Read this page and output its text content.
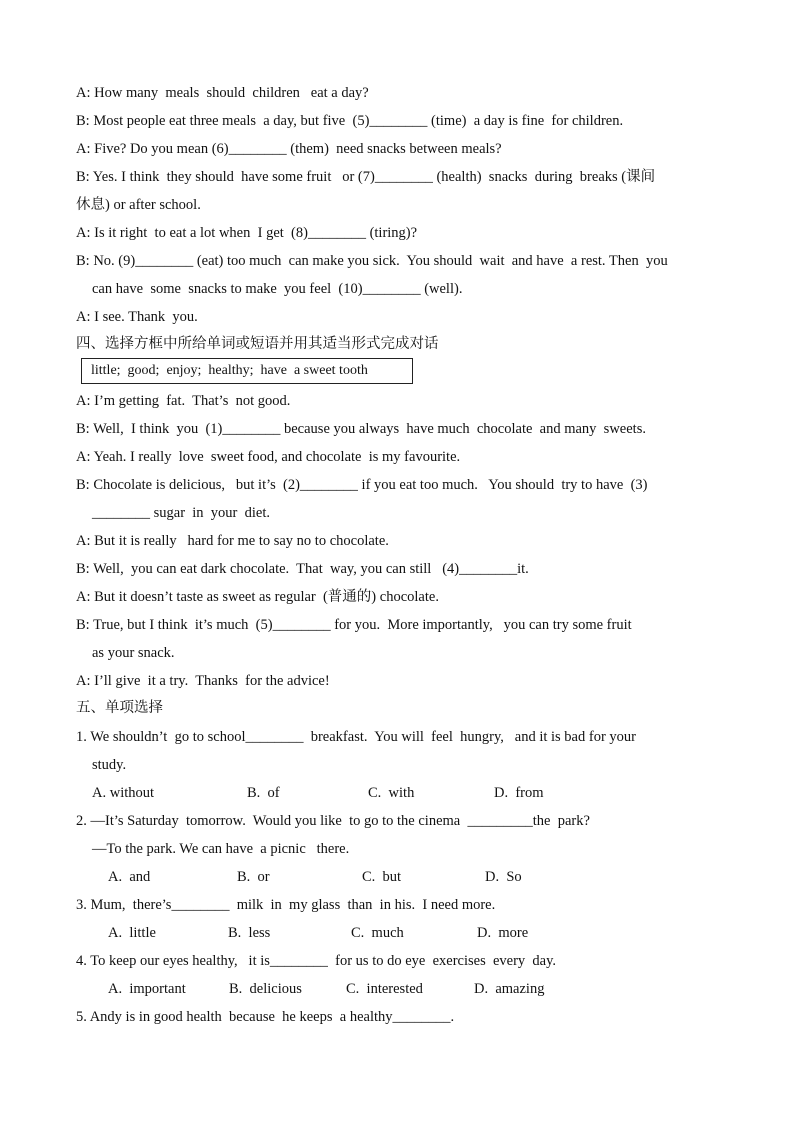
A: How many  meals  should  children   eat a day?
B: Most people eat three meals  a day, but five  (5)________ (time)  a day is fine  for children.
A: Five? Do you mean (6)________ (them)  need snacks between meals?
B: Yes. I think  they should  have some fruit   or (7)________ (health)  snacks  during  breaks (课间
休息) or after school.
A: Is it right  to eat a lot when  I get  (8)________ (tiring)?
B: No. (9)________ (eat) too much  can make you sick.  You should  wait  and have  a rest. Then  you
can have  some  snacks to make  you feel  (10)________ (well).
A: I see. Thank  you.
四、选择方框中所给单词或短语并用其适当形式完成对话
little;  good;  enjoy;  healthy;  have  a sweet tooth
A: I’m getting  fat.  That’s  not good.
B: Well,  I think  you  (1)________ because you always  have much  chocolate  and many  sweets.
A: Yeah. I really  love  sweet food, and chocolate  is my favourite.
B: Chocolate is delicious,   but it’s  (2)________ if you eat too much.   You should  try to have  (3)
________ sugar  in  your  diet.
A: But it is really   hard for me to say no to chocolate.
B: Well,  you can eat dark chocolate.  That  way, you can still   (4)________it.
A: But it doesn’t taste as sweet as regular  (普通的) chocolate.
B: True, but I think  it’s much  (5)________ for you.  More importantly,   you can try some fruit
as your snack.
A: I’ll give  it a try.  Thanks  for the advice!
五、单项选择
1. We shouldn’t  go to school________  breakfast.  You will  feel  hungry,   and it is bad for your
study.
A. without	B.  of	C.  with	D.  from
2. —It’s Saturday  tomorrow.  Would you like  to go to the cinema  _________the  park?
—To the park. We can have  a picnic   there.
A.  and	B.  or	C.  but	D.  So
3. Mum,  there’s________  milk  in  my glass  than  in his.  I need more.
A.  little	B.  less	C.  much	D.  more
4. To keep our eyes healthy,   it is________  for us to do eye  exercises  every  day.
A.  important	B.  delicious	C.  interested	D.  amazing
5. Andy is in good health  because  he keeps  a healthy________.
